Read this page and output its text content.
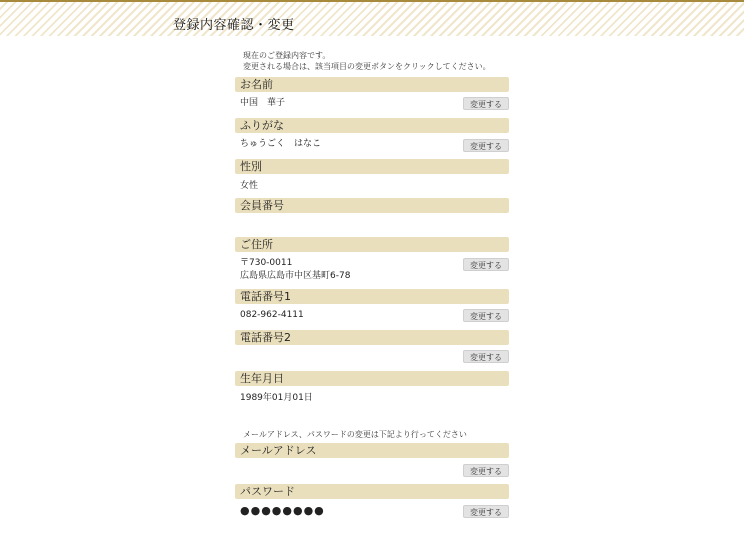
登録内容確認・変更
現在のご登録内容です。
変更される場合は、該当項目の変更ボタンをクリックしてください。
お名前
中国　華子	変更する
ふりがな
ちゅうごく　はなこ	変更する
性別
女性
会員番号
ご住所
〒730-0011
広島県広島市中区基町6-78
変更する
電話番号1
082-962-4111	変更する
電話番号2
変更する
生年月日
1989年01月01日
メールアドレス、パスワードの変更は下記より行ってください
メールアドレス
変更する
パスワード
●●●●●●●●	変更する
